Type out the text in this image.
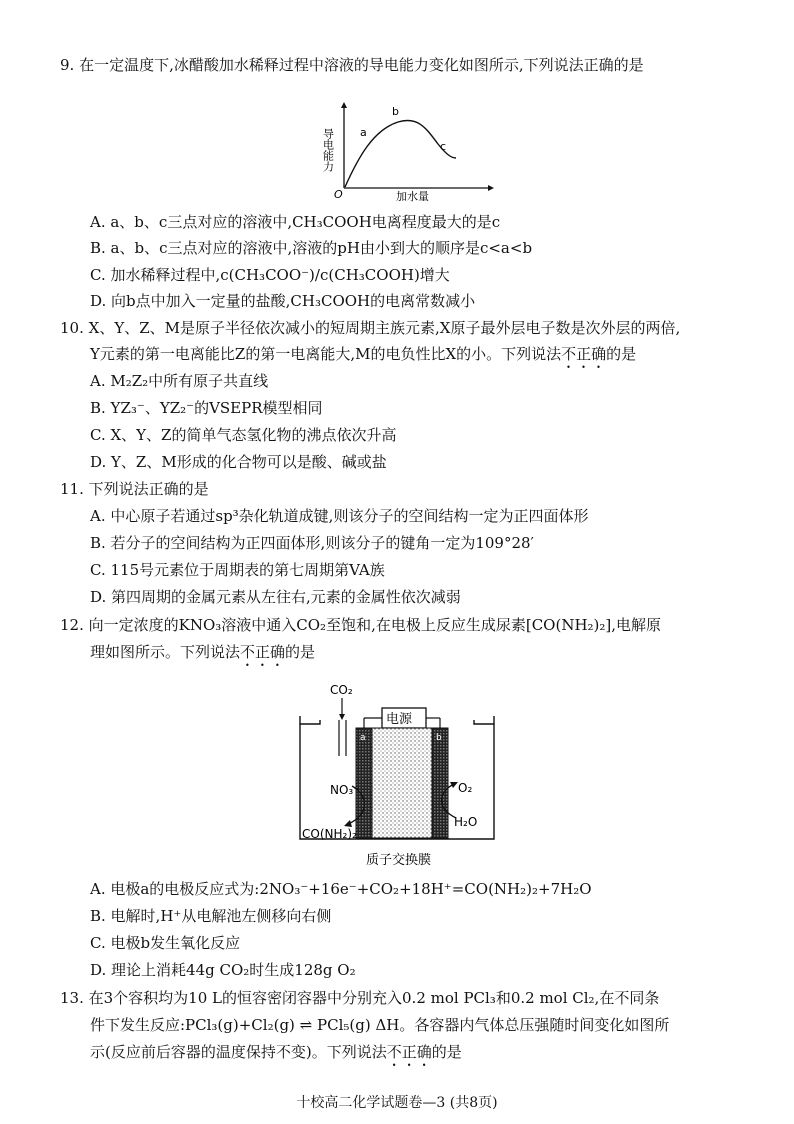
9. 在一定温度下,冰醋酸加水稀释过程中溶液的导电能力变化如图所示,下列说法正确的是
导电能力
O	加水量
a
b
c
A. a、b、c三点对应的溶液中,CH₃COOH电离程度最大的是c
B. a、b、c三点对应的溶液中,溶液的pH由小到大的顺序是c<a<b
C. 加水稀释过程中,c(CH₃COO⁻)/c(CH₃COOH)增大
D. 向b点中加入一定量的盐酸,CH₃COOH的电离常数减小
10. X、Y、Z、M是原子半径依次减小的短周期主族元素,X原子最外层电子数是次外层的两倍,
Y元素的第一电离能比Z的第一电离能大,M的电负性比X的小。下列说法不正确的是
A. M₂Z₂中所有原子共直线
B. YZ₃⁻、YZ₂⁻的VSEPR模型相同
C. X、Y、Z的简单气态氢化物的沸点依次升高
D. Y、Z、M形成的化合物可以是酸、碱或盐
11. 下列说法正确的是
A. 中心原子若通过sp³杂化轨道成键,则该分子的空间结构一定为正四面体形
B. 若分子的空间结构为正四面体形,则该分子的键角一定为109°28′
C. 115号元素位于周期表的第七周期第VA族
D. 第四周期的金属元素从左往右,元素的金属性依次减弱
12. 向一定浓度的KNO₃溶液中通入CO₂至饱和,在电极上反应生成尿素[CO(NH₂)₂],电解原
理如图所示。下列说法不正确的是
CO₂
电源
a	b
NO₃⁻
CO(NH₂)₂
O₂
H₂O
质子交换膜
A. 电极a的电极反应式为:2NO₃⁻+16e⁻+CO₂+18H⁺=CO(NH₂)₂+7H₂O
B. 电解时,H⁺从电解池左侧移向右侧
C. 电极b发生氧化反应
D. 理论上消耗44g CO₂时生成128g O₂
13. 在3个容积均为10 L的恒容密闭容器中分别充入0.2 mol PCl₃和0.2 mol Cl₂,在不同条
件下发生反应:PCl₃(g)+Cl₂(g) ⇌ PCl₅(g) ΔH。各容器内气体总压强随时间变化如图所
示(反应前后容器的温度保持不变)。下列说法不正确的是
十校高二化学试题卷—3 (共8页)
